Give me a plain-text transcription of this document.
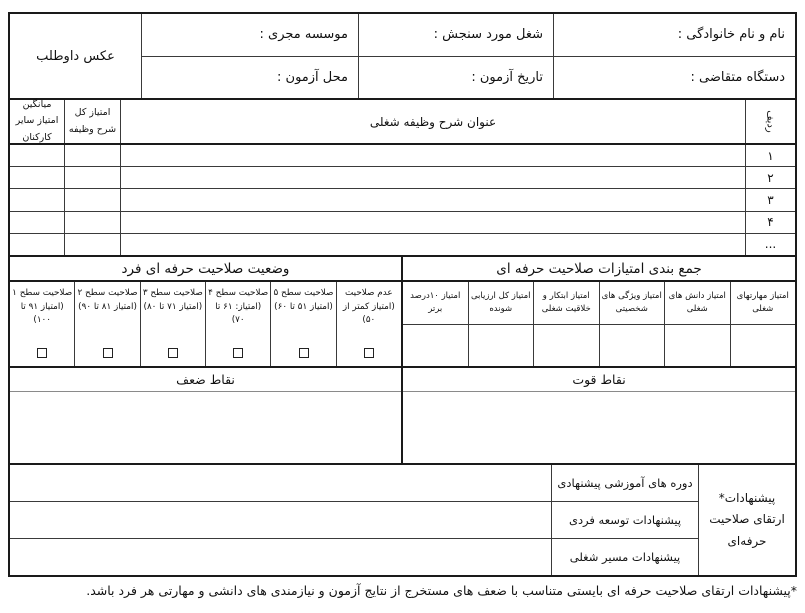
نام و نام خانوادگی :
شغل مورد سنجش :
موسسه مجری :
دستگاه متقاضی :
تاریخ آزمون :
محل آزمون :
عکس داوطلب
ردیف
عنوان شرح وظیفه شغلی
امتیاز کل شرح وظیفه
میانگین امتیاز سایر کارکنان
۱
۲
۳
۴
...
جمع بندی امتیازات صلاحیت حرفه ای
امتیاز مهارتهای شغلی
امتیاز دانش های شغلی
امتیاز ویژگی های شخصیتی
امتیاز ابتکار و خلاقیت شغلی
امتیاز کل ارزیابی شونده
امتیاز ۱۰درصد برتر
وضعیت صلاحیت حرفه ای فرد
عدم صلاحیت (امتیاز کمتر از ۵۰)
صلاحیت سطح ۵ (امتیاز ۵۱ تا ۶۰)
صلاحیت سطح ۴ (امتیاز: ۶۱ تا ۷۰)
صلاحیت سطح ۳ (امتیاز ۷۱ تا ۸۰)
صلاحیت سطح ۲ (امتیاز ۸۱ تا ۹۰)
صلاحیت سطح ۱ (امتیاز ۹۱ تا ۱۰۰)
نقاط قوت
نقاط ضعف
پیشنهادات*
ارتقای صلاحیت
حرفه‌ای
دوره های آموزشی پیشنهادی
پیشنهادات توسعه فردی
پیشنهادات مسیر شغلی
*پیشنهادات ارتقای صلاحیت حرفه ای بایستی متناسب با ضعف های مستخرج از نتایج آزمون و نیازمندی های دانشی و مهارتی هر فرد باشد.
